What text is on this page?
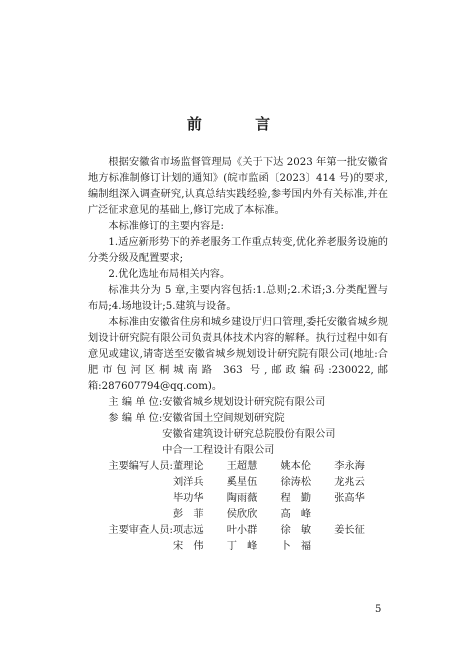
前 言

根据安徽省市场监督管理局《关于下达 2023 年第一批安徽省地方标准制修订计划的通知》(皖市监函〔2023〕414 号)的要求,编制组深入调查研究,认真总结实践经验,参考国内外有关标准,并在广泛征求意见的基础上,修订完成了本标准。

本标准修订的主要内容是:

1.适应新形势下的养老服务工作重点转变,优化养老服务设施的分类分级及配置要求;

2.优化选址布局相关内容。

标准共分为 5 章,主要内容包括:1.总则;2.术语;3.分类配置与布局;4.场地设计;5.建筑与设备。

本标准由安徽省住房和城乡建设厅归口管理,委托安徽省城乡规划设计研究院有限公司负责具体技术内容的解释。执行过程中如有意见或建议,请寄送至安徽省城乡规划设计研究院有限公司(地址:合肥市包河区桐城南路 363 号,邮政编码:230022,邮箱:287607794@qq.com)。

主 编 单 位: 安徽省城乡规划设计研究院有限公司
参 编 单 位: 安徽省国土空间规划研究院
安徽省建筑设计研究总院股份有限公司
中合一工程设计有限公司
主要编写人员: 董理论	王超慧	姚本伦	李永海
刘洋兵	奚星伍	徐涛松	龙兆云
毕功华	陶雨薇	程　勤	张高华
彭　菲	侯欣欣	高　峰
主要审查人员: 项志远	叶小群	徐　敏	姜长征
宋　伟	丁　峰	卜　福
5
